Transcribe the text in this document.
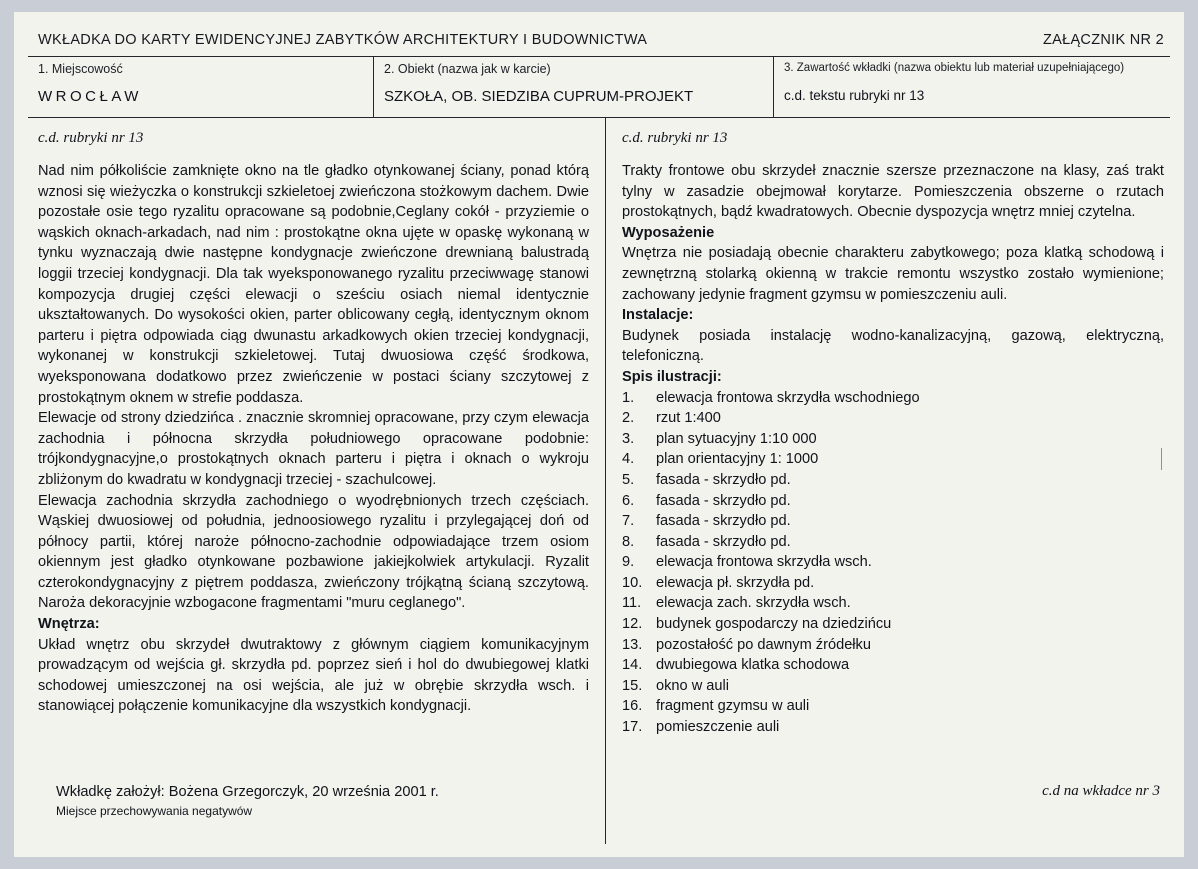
WKŁADKA DO KARTY EWIDENCYJNEJ ZABYTKÓW ARCHITEKTURY I BUDOWNICTWA	ZAŁĄCZNIK NR 2
1. Miejscowość
WROCŁAW
2. Obiekt (nazwa jak w karcie)
SZKOŁA, OB. SIEDZIBA CUPRUM-PROJEKT
3. Zawartość wkładki (nazwa obiektu lub materiał uzupełniającego)
c.d. tekstu rubryki nr 13
c.d. rubryki nr 13

Nad nim półkoliście zamknięte okno na tle gładko otynkowanej ściany, ponad którą wznosi się wieżyczka o konstrukcji szkieletoej zwieńczona stożkowym dachem. Dwie pozostałe osie tego ryzalitu opracowane są podobnie,Ceglany cokół - przyziemie o wąskich oknach-arkadach, nad nim : prostokątne okna ujęte w opaskę wykonaną w tynku wyznaczają dwie następne kondygnacje zwieńczone drewnianą balustradą loggii trzeciej kondygnacji. Dla tak wyeksponowanego ryzalitu przeciwwagę stanowi kompozycja drugiej części elewacji o sześciu osiach niemal identycznie ukształtowanych. Do wysokości okien, parter oblicowany cegłą, identycznym oknom parteru i piętra odpowiada ciąg dwunastu arkadkowych okien trzeciej kondygnacji, wykonanej w konstrukcji szkieletowej. Tutaj dwuosiowa część środkowa, wyeksponowana dodatkowo przez zwieńczenie w postaci ściany szczytowej z prostokątnym oknem w strefie poddasza.

Elewacje od strony dziedzińca . znacznie skromniej opracowane, przy czym elewacja zachodnia i północna skrzydła południowego opracowane podobnie: trójkondygnacyjne,o prostokątnych oknach parteru i piętra i oknach o wykroju zbliżonym do kwadratu w kondygnacji trzeciej - szachulcowej.

Elewacja zachodnia skrzydła zachodniego o wyodrębnionych trzech częściach. Wąskiej dwuosiowej od południa, jednoosiowego ryzalitu i przylegającej doń od północy partii, której naroże północno-zachodnie odpowiadające trzem osiom okiennym jest gładko otynkowane pozbawione jakiejkolwiek artykulacji. Ryzalit czterokondygnacyjny z piętrem poddasza, zwieńczony trójkątną ścianą szczytową. Naroża dekoracyjnie wzbogacone fragmentami "muru ceglanego".

Wnętrza:

Układ wnętrz obu skrzydeł dwutraktowy z głównym ciągiem komunikacyjnym prowadzącym od wejścia gł. skrzydła pd. poprzez sień i hol do dwubiegowej klatki schodowej umieszczonej na osi wejścia, ale już w obrębie skrzydła wsch. i stanowiącej połączenie komunikacyjne dla wszystkich kondygnacji.

Wkładkę założył: Bożena Grzegorczyk, 20 września 2001 r.
Miejsce przechowywania negatywów
c.d. rubryki nr 13

Trakty frontowe obu skrzydeł znacznie szersze przeznaczone na klasy, zaś trakt tylny w zasadzie obejmował korytarze. Pomieszczenia obszerne o rzutach prostokątnych, bądź kwadratowych. Obecnie dyspozycja wnętrz mniej czytelna.

Wyposażenie

Wnętrza nie posiadają obecnie charakteru zabytkowego; poza klatką schodową i zewnętrzną stolarką okienną w trakcie remontu wszystko zostało wymienione; zachowany jedynie fragment gzymsu w pomieszczeniu auli.

Instalacje:

Budynek posiada instalację wodno-kanalizacyjną, gazową, elektryczną, telefoniczną.

Spis ilustracji:
1.	elewacja frontowa skrzydła wschodniego
2.	rzut 1:400
3.	plan sytuacyjny 1:10 000
4.	plan orientacyjny 1: 1000
5.	fasada - skrzydło pd.
6.	fasada - skrzydło pd.
7.	fasada - skrzydło pd.
8.	fasada - skrzydło pd.
9.	elewacja frontowa skrzydła wsch.
10. elewacja pł. skrzydła pd.
11.	elewacja zach. skrzydła wsch.
12. budynek gospodarczy na dziedzińcu
13. pozostałość po dawnym źródełku
14. dwubiegowa klatka schodowa
15. okno w auli
16. fragment gzymsu w auli
17. pomieszczenie auli
c.d na wkładce nr 3
